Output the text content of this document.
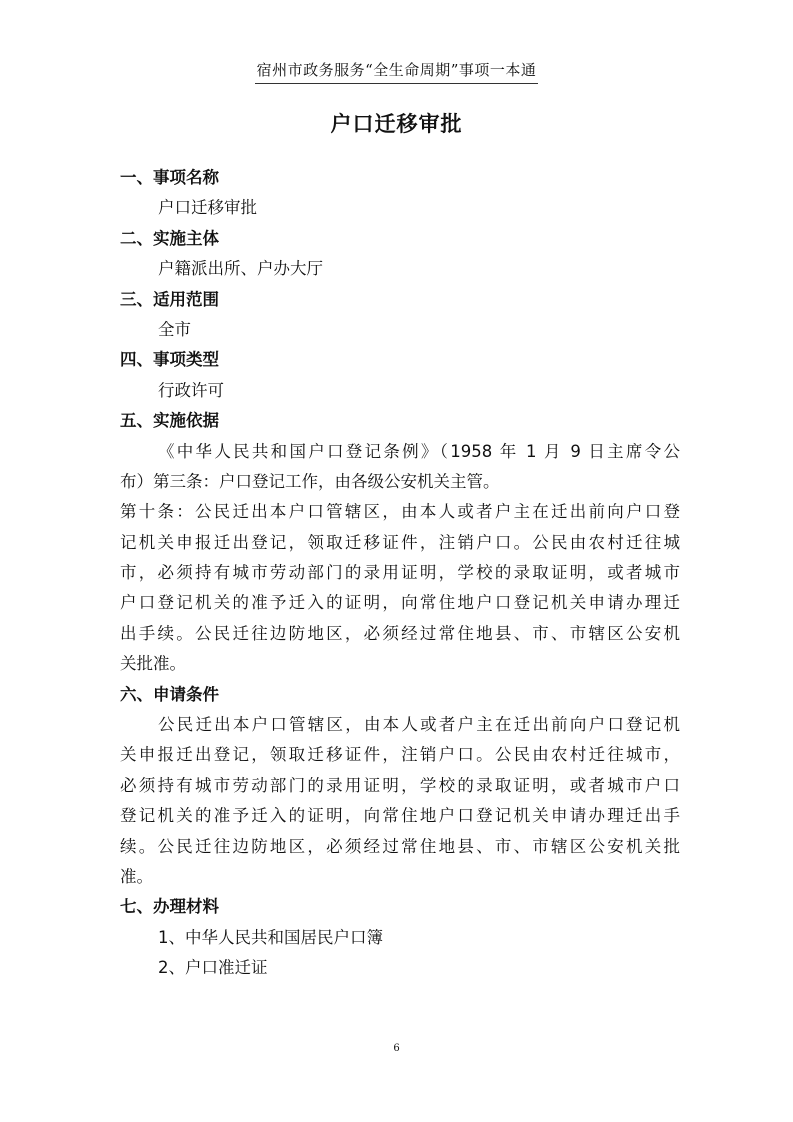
宿州市政务服务“全生命周期”事项一本通
户口迁移审批
一、事项名称
户口迁移审批
二、实施主体
户籍派出所、户办大厅
三、适用范围
全市
四、事项类型
行政许可
五、实施依据
《中华人民共和国户口登记条例》（1958 年 1 月 9 日主席令公
布）第三条：户口登记工作，由各级公安机关主管。
第十条：公民迁出本户口管辖区，由本人或者户主在迁出前向户口登
记机关申报迁出登记，领取迁移证件，注销户口。公民由农村迁往城
市，必须持有城市劳动部门的录用证明，学校的录取证明，或者城市
户口登记机关的准予迁入的证明，向常住地户口登记机关申请办理迁
出手续。公民迁往边防地区，必须经过常住地县、市、市辖区公安机
关批准。
六、申请条件
公民迁出本户口管辖区，由本人或者户主在迁出前向户口登记机
关申报迁出登记，领取迁移证件，注销户口。公民由农村迁往城市，
必须持有城市劳动部门的录用证明，学校的录取证明，或者城市户口
登记机关的准予迁入的证明，向常住地户口登记机关申请办理迁出手
续。公民迁往边防地区，必须经过常住地县、市、市辖区公安机关批
准。
七、办理材料
1、中华人民共和国居民户口簿
2、户口准迁证
6
